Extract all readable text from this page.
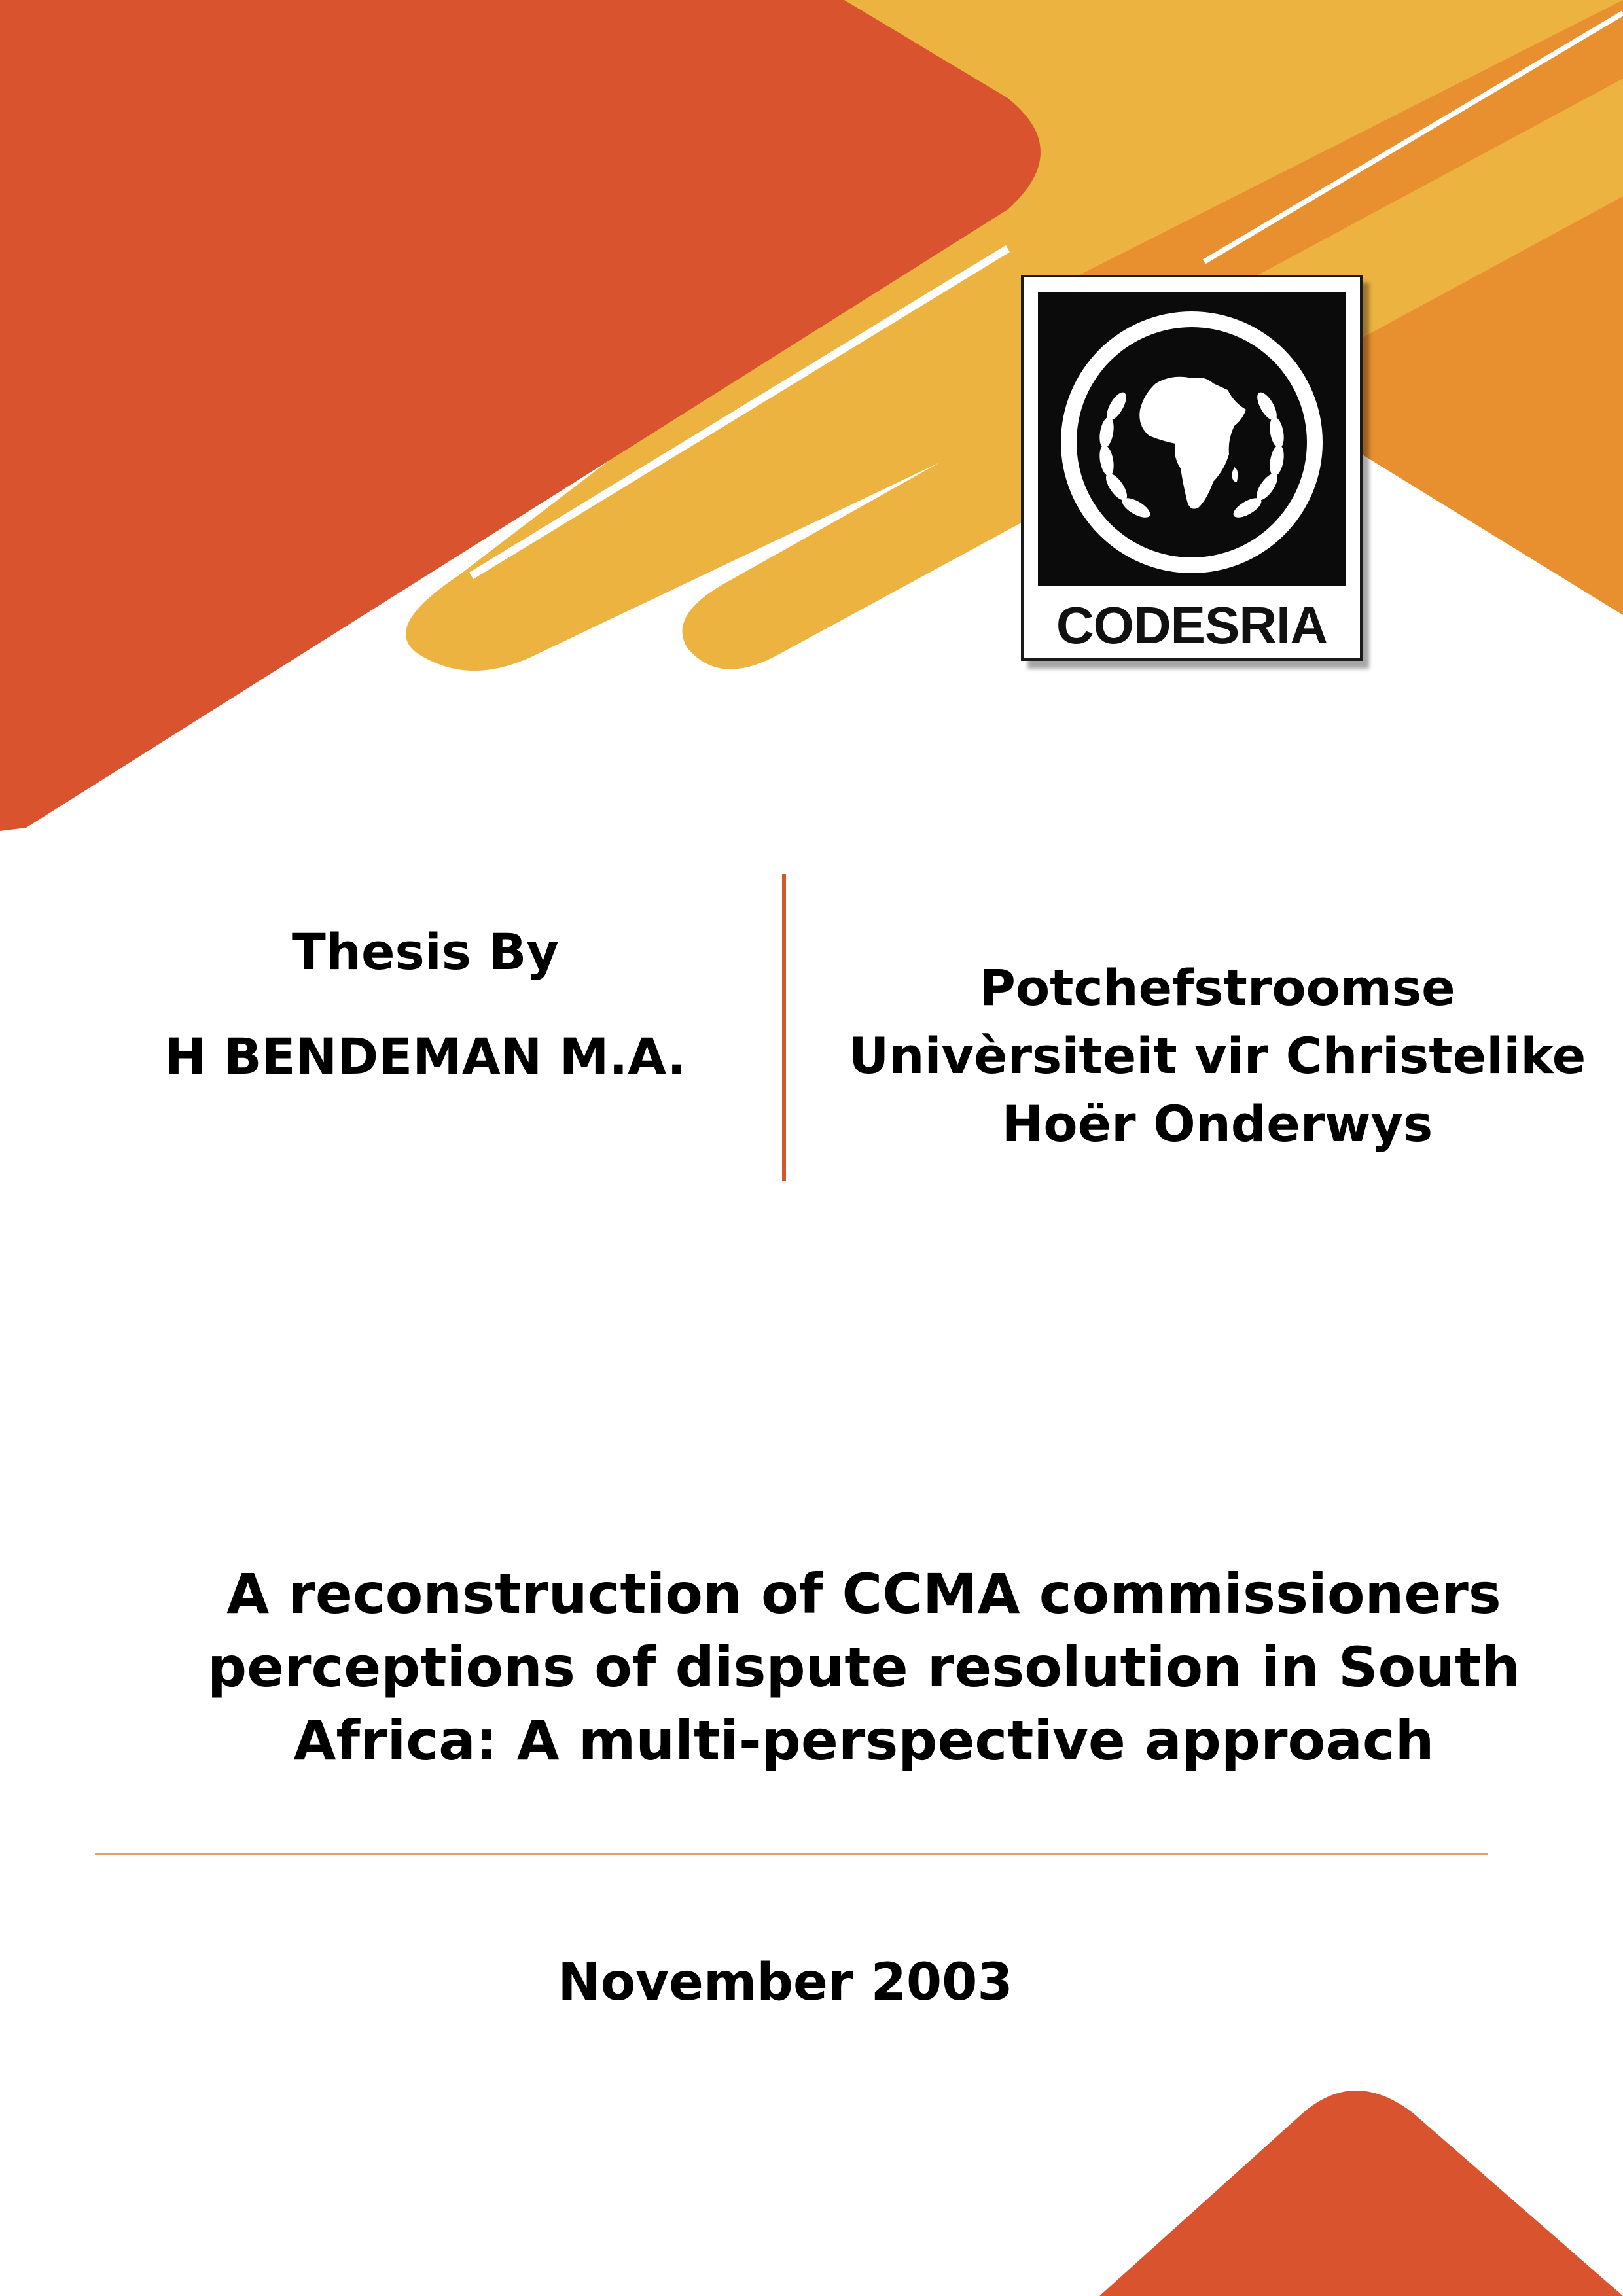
CODESRIA
Thesis By
H BENDEMAN M.A.
Potchefstroomse
Univèrsiteit vir Christelike
Hoër Onderwys
A reconstruction of CCMA commissioners
perceptions of dispute resolution in South
Africa: A multi-perspective approach
November 2003
